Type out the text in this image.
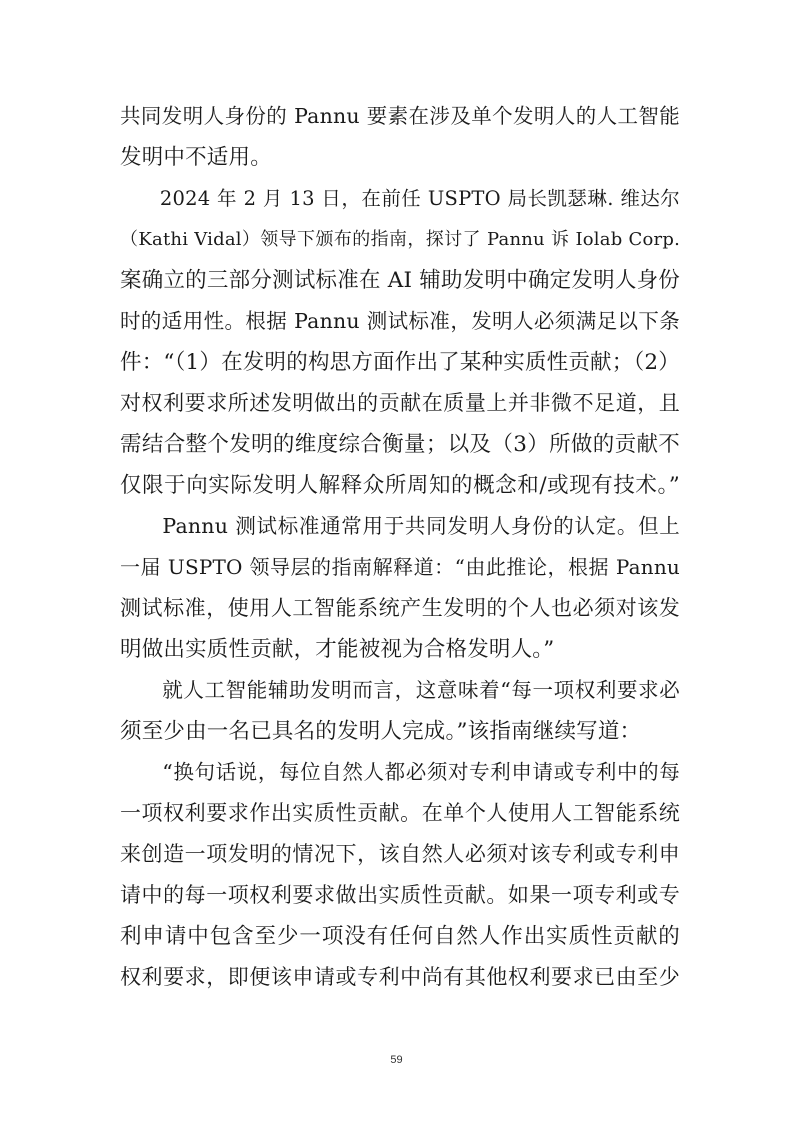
共同发明人身份的 Pannu 要素在涉及单个发明人的人工智能
发明中不适用。
　　2024 年 2 月 13 日，在前任 USPTO 局长凯瑟琳. 维达尔
（Kathi Vidal）领导下颁布的指南，探讨了 Pannu 诉 Iolab Corp.
案确立的三部分测试标准在 AI 辅助发明中确定发明人身份
时的适用性。根据 Pannu 测试标准，发明人必须满足以下条
件：“（1）在发明的构思方面作出了某种实质性贡献；（2）
对权利要求所述发明做出的贡献在质量上并非微不足道，且
需结合整个发明的维度综合衡量；以及（3）所做的贡献不
仅限于向实际发明人解释众所周知的概念和/或现有技术。”
　　Pannu 测试标准通常用于共同发明人身份的认定。但上
一届 USPTO 领导层的指南解释道：“由此推论，根据 Pannu
测试标准，使用人工智能系统产生发明的个人也必须对该发
明做出实质性贡献，才能被视为合格发明人。”
　　就人工智能辅助发明而言，这意味着“每一项权利要求必
须至少由一名已具名的发明人完成。”该指南继续写道：
　　“换句话说，每位自然人都必须对专利申请或专利中的每
一项权利要求作出实质性贡献。在单个人使用人工智能系统
来创造一项发明的情况下，该自然人必须对该专利或专利申
请中的每一项权利要求做出实质性贡献。如果一项专利或专
利申请中包含至少一项没有任何自然人作出实质性贡献的
权利要求，即便该申请或专利中尚有其他权利要求已由至少
59
